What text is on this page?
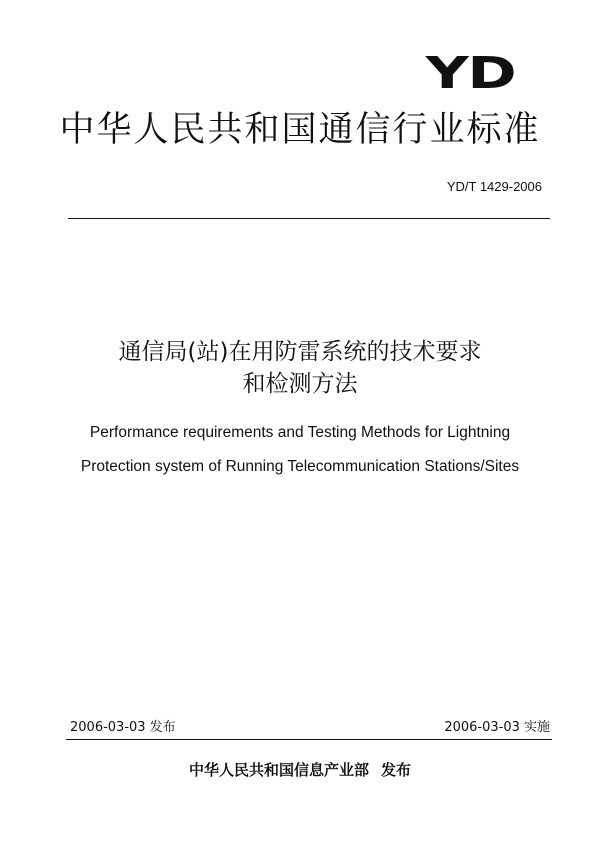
YD
中华人民共和国通信行业标准
YD/T 1429-2006
通信局(站)在用防雷系统的技术要求
和检测方法
Performance requirements and Testing Methods for Lightning
Protection system of Running Telecommunication Stations/Sites
2006-03-03 发布	2006-03-03 实施
中华人民共和国信息产业部 发布
